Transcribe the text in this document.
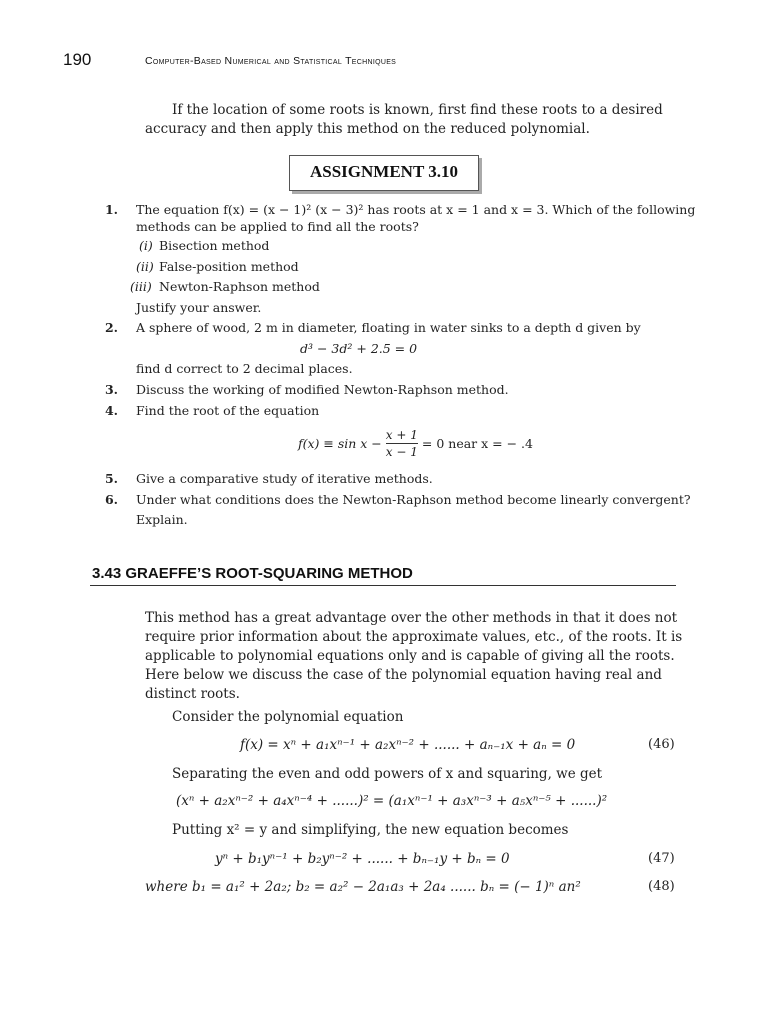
190	Computer-Based Numerical and Statistical Techniques
If the location of some roots is known, first find these roots to a desired
accuracy and then apply this method on the reduced polynomial.
ASSIGNMENT 3.10
1. The equation f(x) = (x − 1)² (x − 3)² has roots at x = 1 and x = 3. Which of the following
methods can be applied to find all the roots?
(i) Bisection method
(ii) False-position method
(iii) Newton-Raphson method
Justify your answer.
2. A sphere of wood, 2 m in diameter, floating in water sinks to a depth d given by
d³ − 3d² + 2.5 = 0
find d correct to 2 decimal places.
3. Discuss the working of modified Newton-Raphson method.
4. Find the root of the equation
$f(x) \equiv \sin x - \frac{x + 1}{x - 1} = 0$ near x = − .4
5. Give a comparative study of iterative methods.
6. Under what conditions does the Newton-Raphson method become linearly convergent?
Explain.
3.43 GRAEFFE’S ROOT-SQUARING METHOD
This method has a great advantage over the other methods in that it does not
require prior information about the approximate values, etc., of the roots. It is
applicable to polynomial equations only and is capable of giving all the roots.
Here below we discuss the case of the polynomial equation having real and
distinct roots.
Consider the polynomial equation
f(x) = xⁿ + a₁xⁿ⁻¹ + a₂xⁿ⁻² + ...... + aₙ₋₁x + aₙ = 0	(46)
Separating the even and odd powers of x and squaring, we get
(xⁿ + a₂xⁿ⁻² + a₄xⁿ⁻⁴ + ......)² = (a₁xⁿ⁻¹ + a₃xⁿ⁻³ + a₅xⁿ⁻⁵ + ......)²
Putting x² = y and simplifying, the new equation becomes
yⁿ + b₁yⁿ⁻¹ + b₂yⁿ⁻² + ...... + bₙ₋₁y + bₙ = 0	(47)
where b₁ = a₁² + 2a₂; b₂ = a₂² − 2a₁a₃ + 2a₄ ...... bₙ = (− 1)ⁿ an²	(48)
